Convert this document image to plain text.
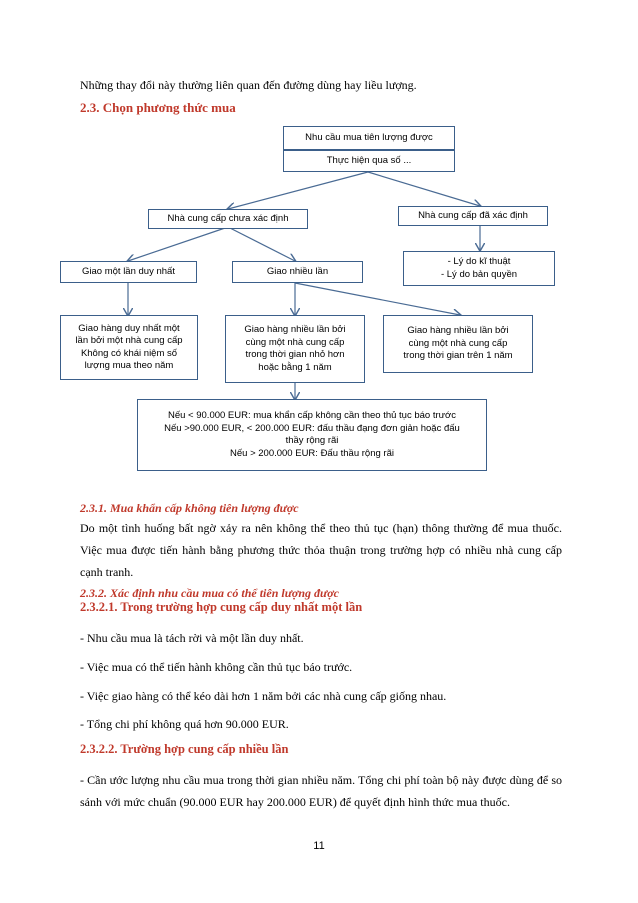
Những thay đổi này thường liên quan đến đường dùng hay liều lượng.
2.3. Chọn phương thức mua
Nhu cầu mua tiên lượng được
Thực hiện qua số ...
Nhà cung cấp chưa xác định	Nhà cung cấp đã xác định
Giao một lần duy nhất	Giao nhiều lần
- Lý do kĩ thuật
- Lý do bản quyền
Giao hàng duy nhất một
lần bởi một nhà cung cấp
Không có khái niệm số
lượng mua theo năm
Giao hàng nhiều lần bởi
cùng một nhà cung cấp
trong thời gian nhỏ hơn
hoặc bằng 1 năm
Giao hàng nhiều lần bởi
cùng một nhà cung cấp
trong thời gian trên 1 năm
Nếu < 90.000 EUR: mua khẩn cấp không cần theo thủ tục báo trước
Nếu >90.000 EUR, < 200.000 EUR: đấu thầu đạng đơn giản hoặc đấu
thầy rộng rãi
Nếu > 200.000 EUR: Đấu thầu rộng rãi
2.3.1. Mua khẩn cấp không tiên lượng được
Do một tình huống bất ngờ xảy ra nên không thể theo thủ tục (hạn) thông thường để mua thuốc. Việc mua được tiến hành bằng phương thức thỏa thuận trong trường hợp có nhiều nhà cung cấp cạnh tranh.
2.3.2. Xác định nhu cầu mua có thể tiên lượng được
2.3.2.1. Trong trường hợp cung cấp duy nhất một lần
- Nhu cầu mua là tách rời và một lần duy nhất.
- Việc mua có thể tiến hành không cần thủ tục báo trước.
- Việc giao hàng có thể kéo dài hơn 1 năm bởi các nhà cung cấp giống nhau.
- Tổng chi phí không quá hơn 90.000 EUR.
2.3.2.2. Trường hợp cung cấp nhiều lần
- Cần ước lượng nhu cầu mua trong thời gian nhiều năm. Tổng chi phí toàn bộ này được dùng để so sánh với mức chuẩn (90.000 EUR hay 200.000 EUR) để quyết định hình thức mua thuốc.
11
